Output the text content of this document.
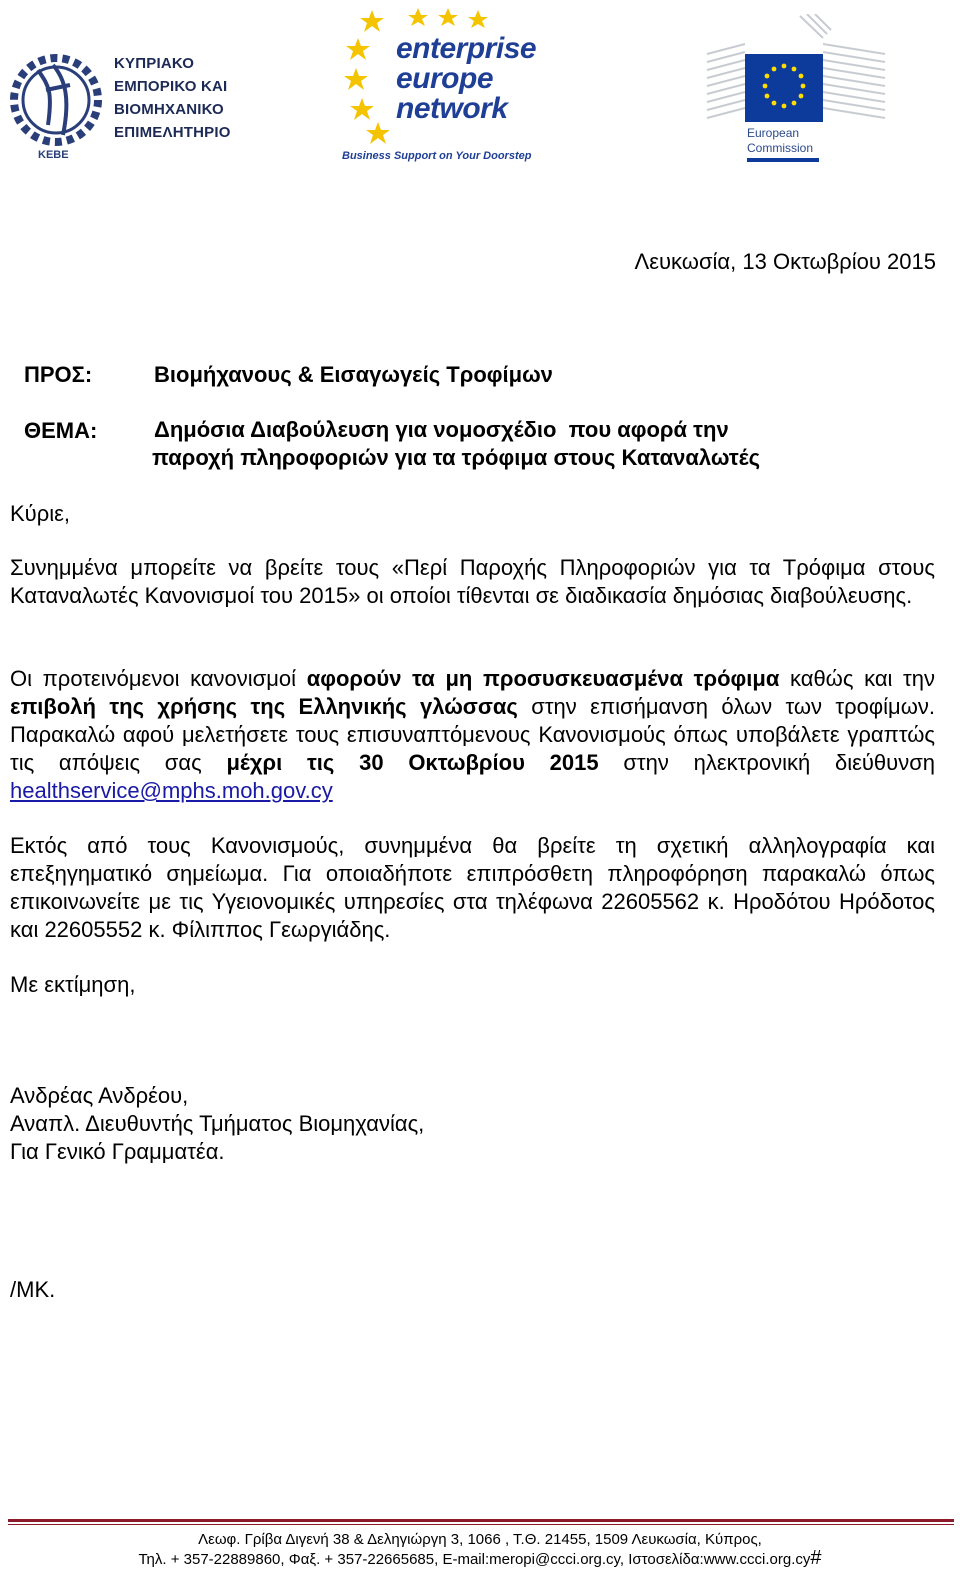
ΚΕΒΕ
ΚΥΠΡΙΑΚΟ
ΕΜΠΟΡΙΚΟ ΚΑΙ
ΒΙΟΜΗΧΑΝΙΚΟ
ΕΠΙΜΕΛΗΤΗΡΙΟ
enterprise
europe
network
Business Support on Your Doorstep
European
Commission
Λευκωσία, 13 Οκτωβρίου 2015
ΠΡΟΣ:	Βιομήχανους & Εισαγωγείς Τροφίμων
ΘΕΜΑ:	Δημόσια Διαβούλευση για νομοσχέδιο  που αφορά την
παροχή πληροφοριών για τα τρόφιμα στους Καταναλωτές
Κύριε,

Συνημμένα μπορείτε να βρείτε τους «Περί Παροχής Πληροφοριών για τα Τρόφιμα στους Καταναλωτές Κανονισμοί του 2015» οι οποίοι τίθενται σε διαδικασία δημόσιας διαβούλευσης.

Οι προτεινόμενοι κανονισμοί αφορούν τα μη προσυσκευασμένα τρόφιμα καθώς και την επιβολή της χρήσης της Ελληνικής γλώσσας στην επισήμανση όλων των τροφίμων. Παρακαλώ αφού μελετήσετε τους επισυναπτόμενους Κανονισμούς όπως υποβάλετε γραπτώς τις απόψεις σας μέχρι τις 30 Οκτωβρίου 2015 στην ηλεκτρονική διεύθυνση healthservice@mphs.moh.gov.cy

Εκτός από τους Κανονισμούς, συνημμένα θα βρείτε τη σχετική αλληλογραφία και επεξηγηματικό σημείωμα. Για οποιαδήποτε επιπρόσθετη πληροφόρηση παρακαλώ όπως επικοινωνείτε με τις Υγειονομικές υπηρεσίες στα τηλέφωνα 22605562 κ. Ηροδότου Ηρόδοτος και 22605552 κ. Φίλιππος Γεωργιάδης.

Με εκτίμηση,
Ανδρέας Ανδρέου,
Αναπλ. Διευθυντής Τμήματος Βιομηχανίας,
Για Γενικό Γραμματέα.
/ΜΚ.
Λεωφ. Γρίβα Διγενή 38 & Δεληγιώργη 3, 1066 , Τ.Θ. 21455, 1509 Λευκωσία, Κύπρος,
Τηλ. + 357-22889860, Φαξ. + 357-22665685, E-mail:meropi@ccci.org.cy, Ιστοσελίδα:www.ccci.org.cy#
